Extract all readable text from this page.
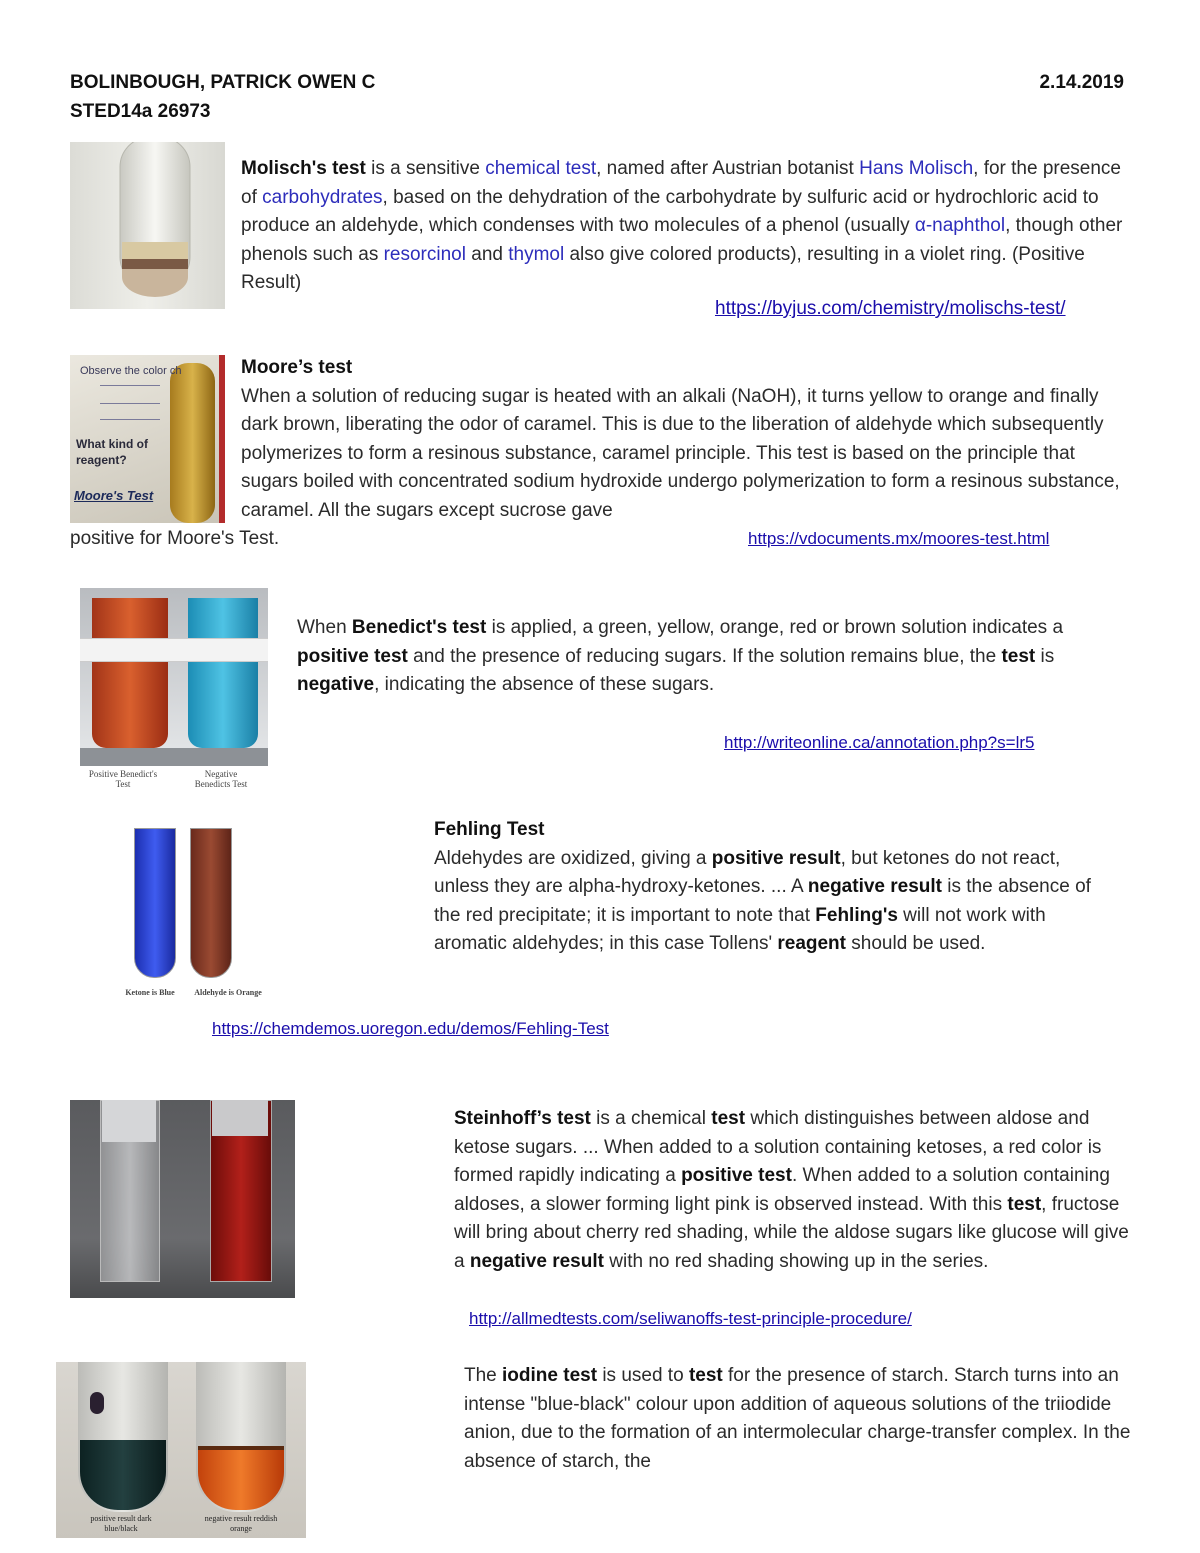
BOLINBOUGH, PATRICK OWEN C
STED14a 26973
2.14.2019
Molisch's test is a sensitive chemical test, named after Austrian botanist Hans Molisch, for the presence of carbohydrates, based on the dehydration of the carbohydrate by sulfuric acid or hydrochloric acid to produce an aldehyde, which condenses with two molecules of a phenol (usually α-naphthol, though other phenols such as resorcinol and thymol also give colored products), resulting in a violet ring. (Positive Result)
https://byjus.com/chemistry/molischs-test/
Observe the color ch
What kind of
reagent?
Moore's Test
Moore’s test
When a solution of reducing sugar is heated with an alkali (NaOH), it turns yellow to orange and finally dark brown, liberating the odor of caramel. This is due to the liberation of aldehyde which subsequently polymerizes to form a resinous substance, caramel principle. This test is based on the principle that sugars boiled with concentrated sodium hydroxide undergo polymerization to form a resinous substance, caramel. All the sugars except sucrose gave
positive for Moore's Test.	https://vdocuments.mx/moores-test.html
Positive Benedict's Test
Negative Benedicts Test
When Benedict's test is applied, a green, yellow, orange, red or brown solution indicates a positive test and the presence of reducing sugars. If the solution remains blue, the test is negative, indicating the absence of these sugars.
http://writeonline.ca/annotation.php?s=lr5
Ketone is Blue	Aldehyde is Orange
Fehling Test
Aldehydes are oxidized, giving a positive result, but ketones do not react, unless they are alpha-hydroxy-ketones. ... A negative result is the absence of the red precipitate; it is important to note that Fehling's will not work with aromatic aldehydes; in this case Tollens' reagent should be used.
https://chemdemos.uoregon.edu/demos/Fehling-Test
Steinhoff’s test is a chemical test which distinguishes between aldose and ketose sugars. ... When added to a solution containing ketoses, a red color is formed rapidly indicating a positive test. When added to a solution containing aldoses, a slower forming light pink is observed instead. With this test, fructose will bring about cherry red shading, while the aldose sugars like glucose will give a negative result with no red shading showing up in the series.
http://allmedtests.com/seliwanoffs-test-principle-procedure/
positive result dark blue/black
negative result reddish orange
The iodine test is used to test for the presence of starch. Starch turns into an intense "blue-black" colour upon addition of aqueous solutions of the triiodide anion, due to the formation of an intermolecular charge-transfer complex. In the absence of starch, the
